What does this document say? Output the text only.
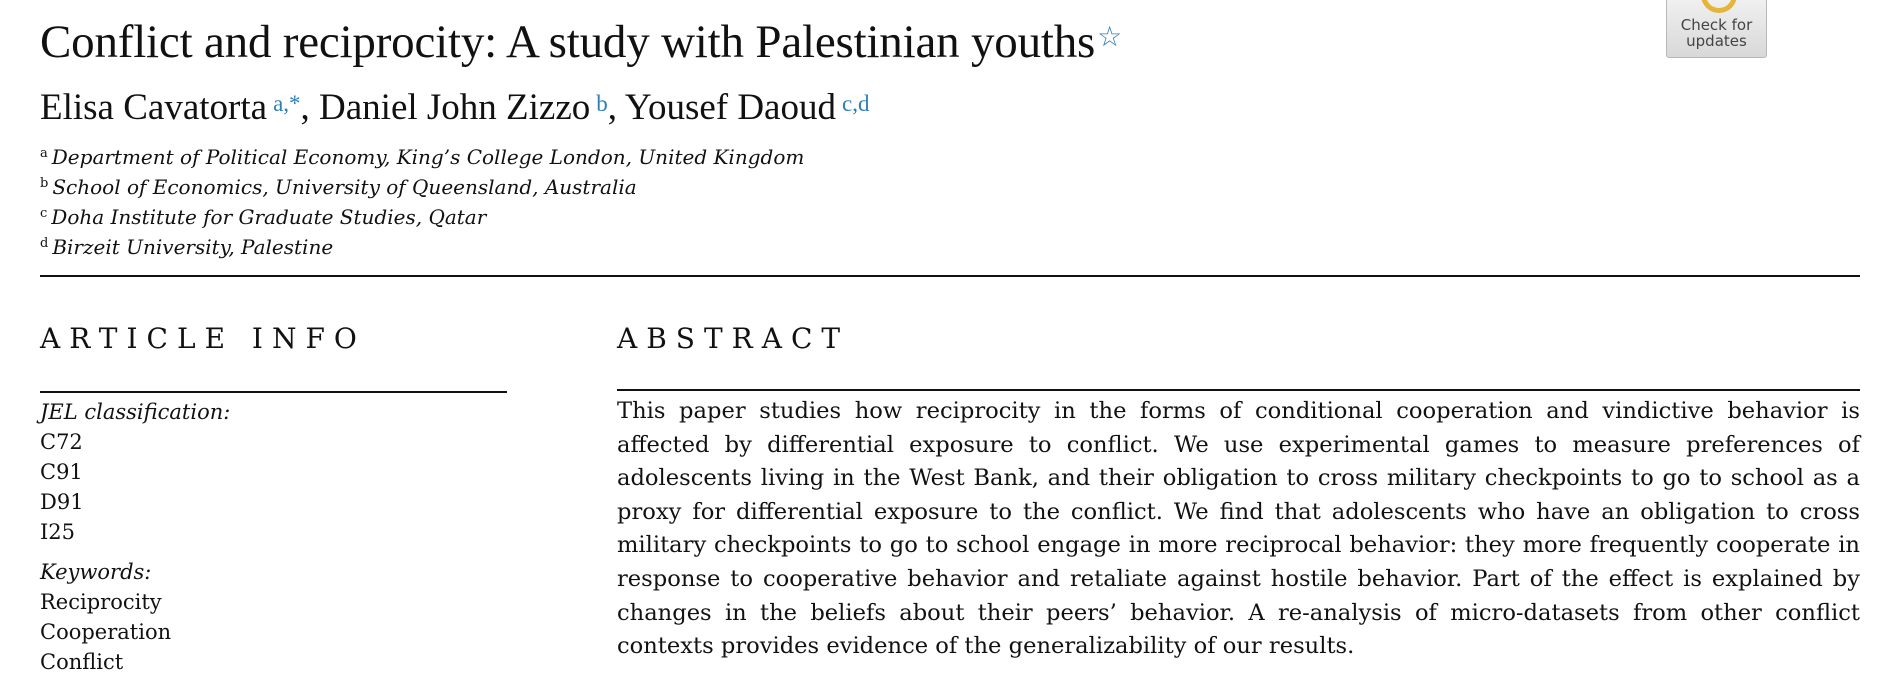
Conflict and reciprocity: A study with Palestinian youths☆	Check for
updates
Elisa Cavatorta $^{a,*}$, Daniel John Zizzo $^b$, Yousef Daoud $^{c,d}$
$^a$ Department of Political Economy, King’s College London, United Kingdom
$^b$ School of Economics, University of Queensland, Australia
$^c$ Doha Institute for Graduate Studies, Qatar
$^d$ Birzeit University, Palestine
ARTICLE INFO
JEL classification:
C72
C91
D91
I25
Keywords:
Reciprocity
Cooperation
Conflict
ABSTRACT

This paper studies how reciprocity in the forms of conditional cooperation and vindictive behavior is affected by differential exposure to conflict. We use experimental games to measure preferences of adolescents living in the West Bank, and their obligation to cross military checkpoints to go to school as a proxy for differential exposure to the conflict. We find that adolescents who have an obligation to cross military checkpoints to go to school engage in more reciprocal behavior: they more frequently cooperate in response to cooperative behavior and retaliate against hostile behavior. Part of the effect is explained by changes in the beliefs about their peers’ behavior. A re-analysis of micro-datasets from other conflict contexts provides evidence of the generalizability of our results.
